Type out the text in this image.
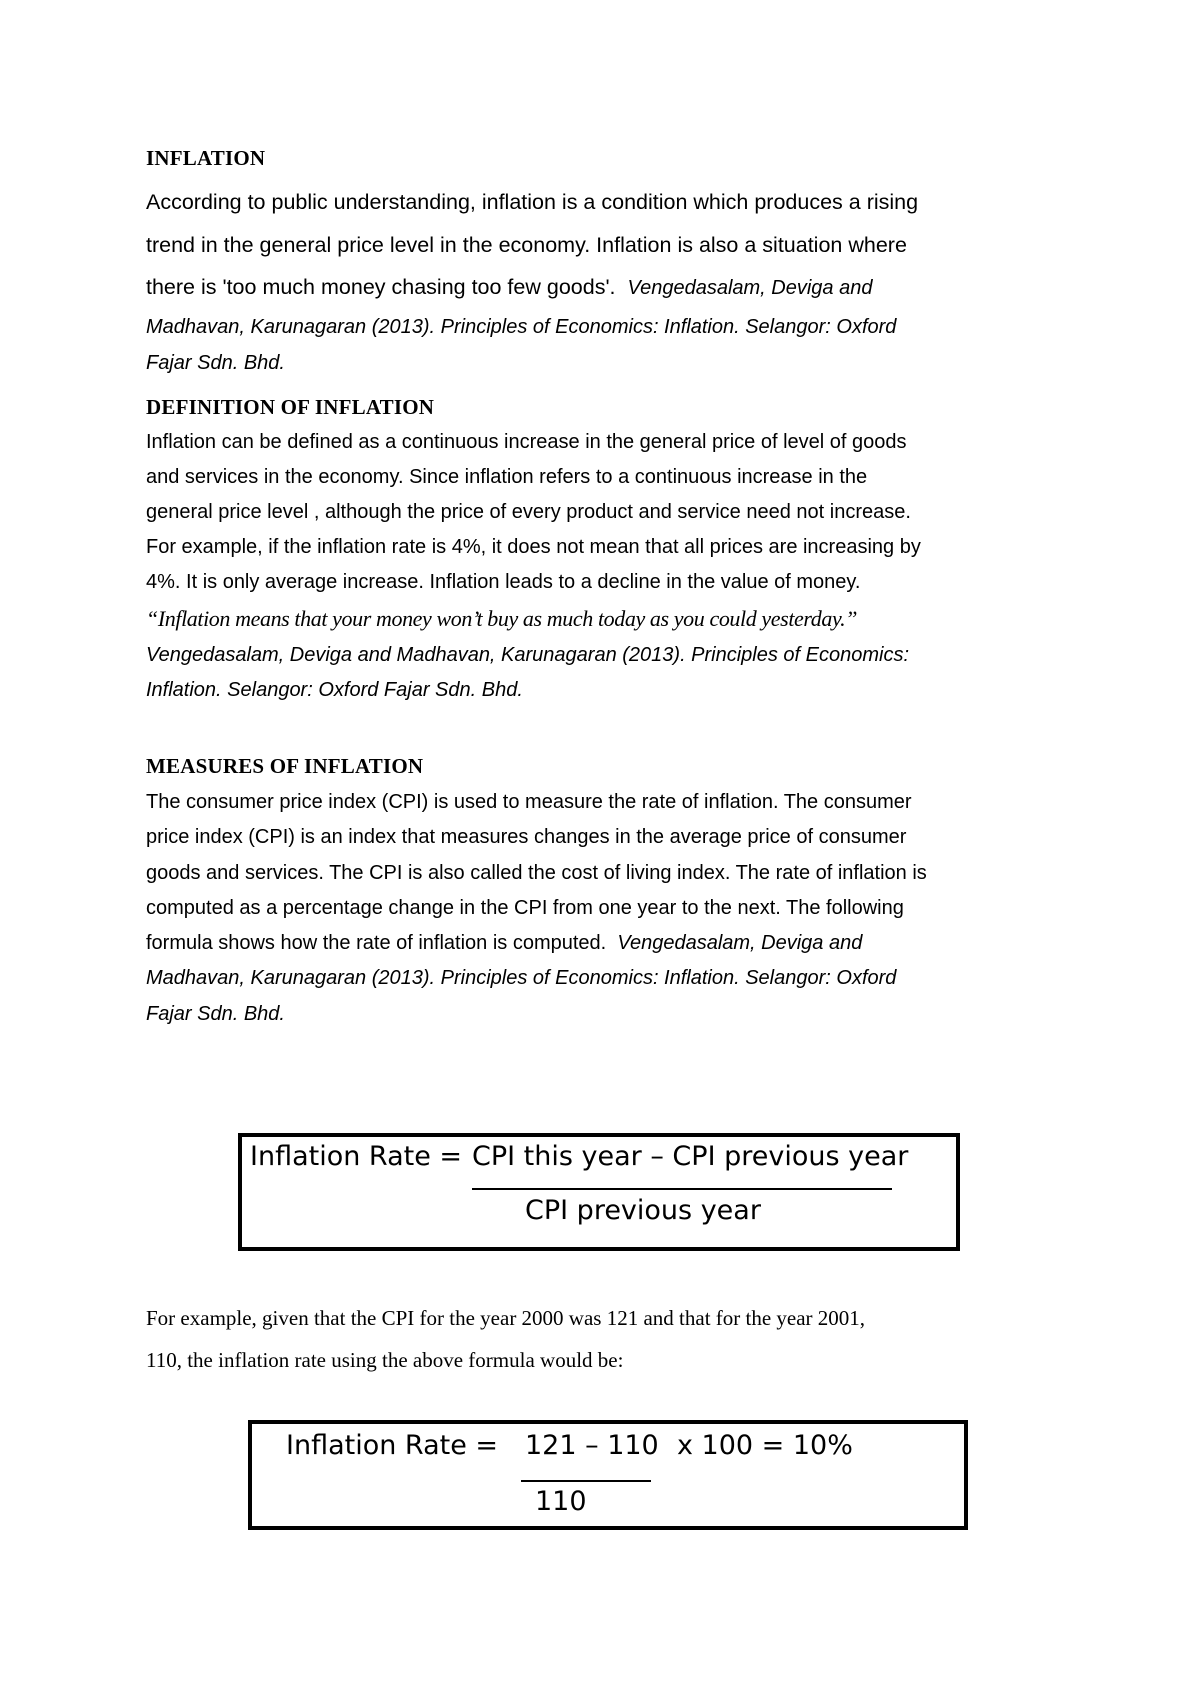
INFLATION
According to public understanding, inflation is a condition which produces a rising
trend in the general price level in the economy. Inflation is also a situation where
there is 'too much money chasing too few goods'.  Vengedasalam, Deviga and
Madhavan, Karunagaran (2013). Principles of Economics: Inflation. Selangor: Oxford
Fajar Sdn. Bhd.
DEFINITION OF INFLATION
Inflation can be defined as a continuous increase in the general price of level of goods
and services in the economy. Since inflation refers to a continuous increase in the
general price level , although the price of every product and service need not increase.
For example, if the inflation rate is 4%, it does not mean that all prices are increasing by
4%. It is only average increase. Inflation leads to a decline in the value of money.
“Inflation means that your money won’t buy as much today as you could yesterday.”
Vengedasalam, Deviga and Madhavan, Karunagaran (2013). Principles of Economics:
Inflation. Selangor: Oxford Fajar Sdn. Bhd.
MEASURES OF INFLATION
The consumer price index (CPI) is used to measure the rate of inflation. The consumer
price index (CPI) is an index that measures changes in the average price of consumer
goods and services. The CPI is also called the cost of living index. The rate of inflation is
computed as a percentage change in the CPI from one year to the next. The following
formula shows how the rate of inflation is computed.  Vengedasalam, Deviga and
Madhavan, Karunagaran (2013). Principles of Economics: Inflation. Selangor: Oxford
Fajar Sdn. Bhd.
Inflation Rate = CPI this year – CPI previous year
CPI previous year
For example, given that the CPI for the year 2000 was 121 and that for the year 2001,
110, the inflation rate using the above formula would be:
Inflation Rate = 121 – 110 x 100 = 10%
110
